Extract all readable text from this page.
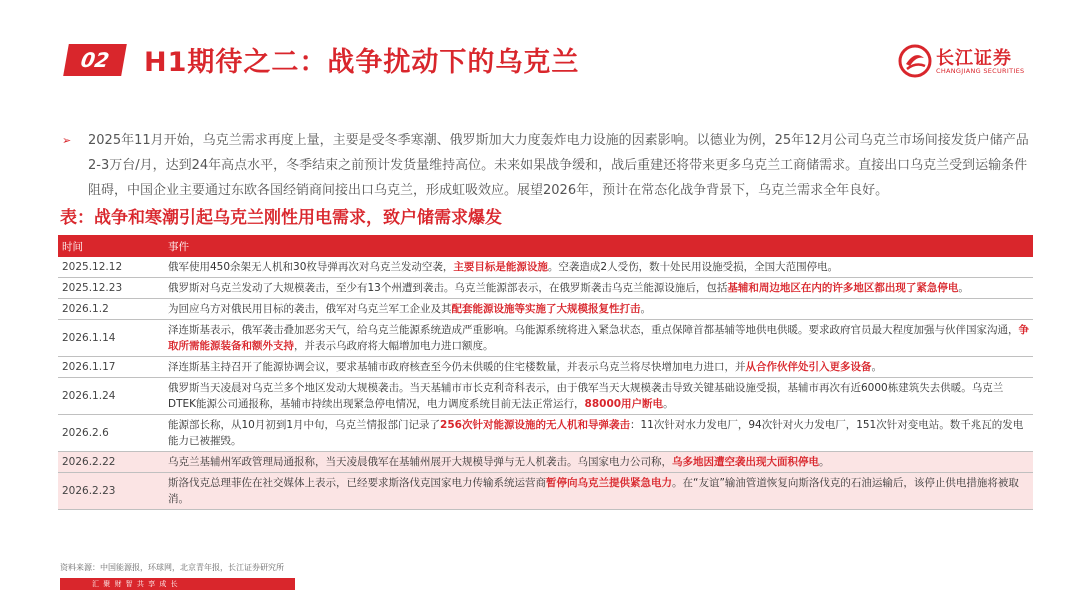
02 H1期待之二：战争扰动下的乌克兰	长江证券
CHANGJIANG SECURITIES
➢ 2025年11月开始，乌克兰需求再度上量，主要是受冬季寒潮、俄罗斯加大力度轰炸电力设施的因素影响。以德业为例，25年12月公司乌克兰市场间接发货户储产品2-3万台/月，达到24年高点水平，冬季结束之前预计发货量维持高位。未来如果战争缓和，战后重建还将带来更多乌克兰工商储需求。直接出口乌克兰受到运输条件阻碍，中国企业主要通过东欧各国经销商间接出口乌克兰，形成虹吸效应。展望2026年，预计在常态化战争背景下，乌克兰需求全年良好。
表：战争和寒潮引起乌克兰刚性用电需求，致户储需求爆发
时间	事件
2025.12.12	俄军使用450余架无人机和30枚导弹再次对乌克兰发动空袭，主要目标是能源设施。空袭造成2人受伤，数十处民用设施受损，全国大范围停电。
2025.12.23	俄罗斯对乌克兰发动了大规模袭击，至少有13个州遭到袭击。乌克兰能源部表示，在俄罗斯袭击乌克兰能源设施后，包括基辅和周边地区在内的许多地区都出现了紧急停电。
2026.1.2	为回应乌方对俄民用目标的袭击，俄军对乌克兰军工企业及其配套能源设施等实施了大规模报复性打击。
2026.1.14	泽连斯基表示，俄军袭击叠加恶劣天气，给乌克兰能源系统造成严重影响。乌能源系统将进入紧急状态，重点保障首都基辅等地供电供暖。要求政府官员最大程度加强与伙伴国家沟通，争取所需能源装备和额外支持，并表示乌政府将大幅增加电力进口额度。
2026.1.17	泽连斯基主持召开了能源协调会议，要求基辅市政府核查至今仍未供暖的住宅楼数量，并表示乌克兰将尽快增加电力进口，并从合作伙伴处引入更多设备。
2026.1.24	俄罗斯当天凌晨对乌克兰多个地区发动大规模袭击。当天基辅市市长克利奇科表示，由于俄军当天大规模袭击导致关键基础设施受损，基辅市再次有近6000栋建筑失去供暖。乌克兰DTEK能源公司通报称，基辅市持续出现紧急停电情况，电力调度系统目前无法正常运行，88000用户断电。
2026.2.6	能源部长称，从10月初到1月中旬，乌克兰情报部门记录了256次针对能源设施的无人机和导弹袭击：11次针对水力发电厂，94次针对火力发电厂，151次针对变电站。数千兆瓦的发电能力已被摧毁。
2026.2.22	乌克兰基辅州军政管理局通报称，当天凌晨俄军在基辅州展开大规模导弹与无人机袭击。乌国家电力公司称，乌多地因遭空袭出现大面积停电。
2026.2.23	斯洛伐克总理菲佐在社交媒体上表示，已经要求斯洛伐克国家电力传输系统运营商暂停向乌克兰提供紧急电力。在“友谊”输油管道恢复向斯洛伐克的石油运输后，该停止供电措施将被取消。
资料来源：中国能源报，环球网，北京青年报，长江证券研究所
汇 聚 财 智 共 享 成 长
